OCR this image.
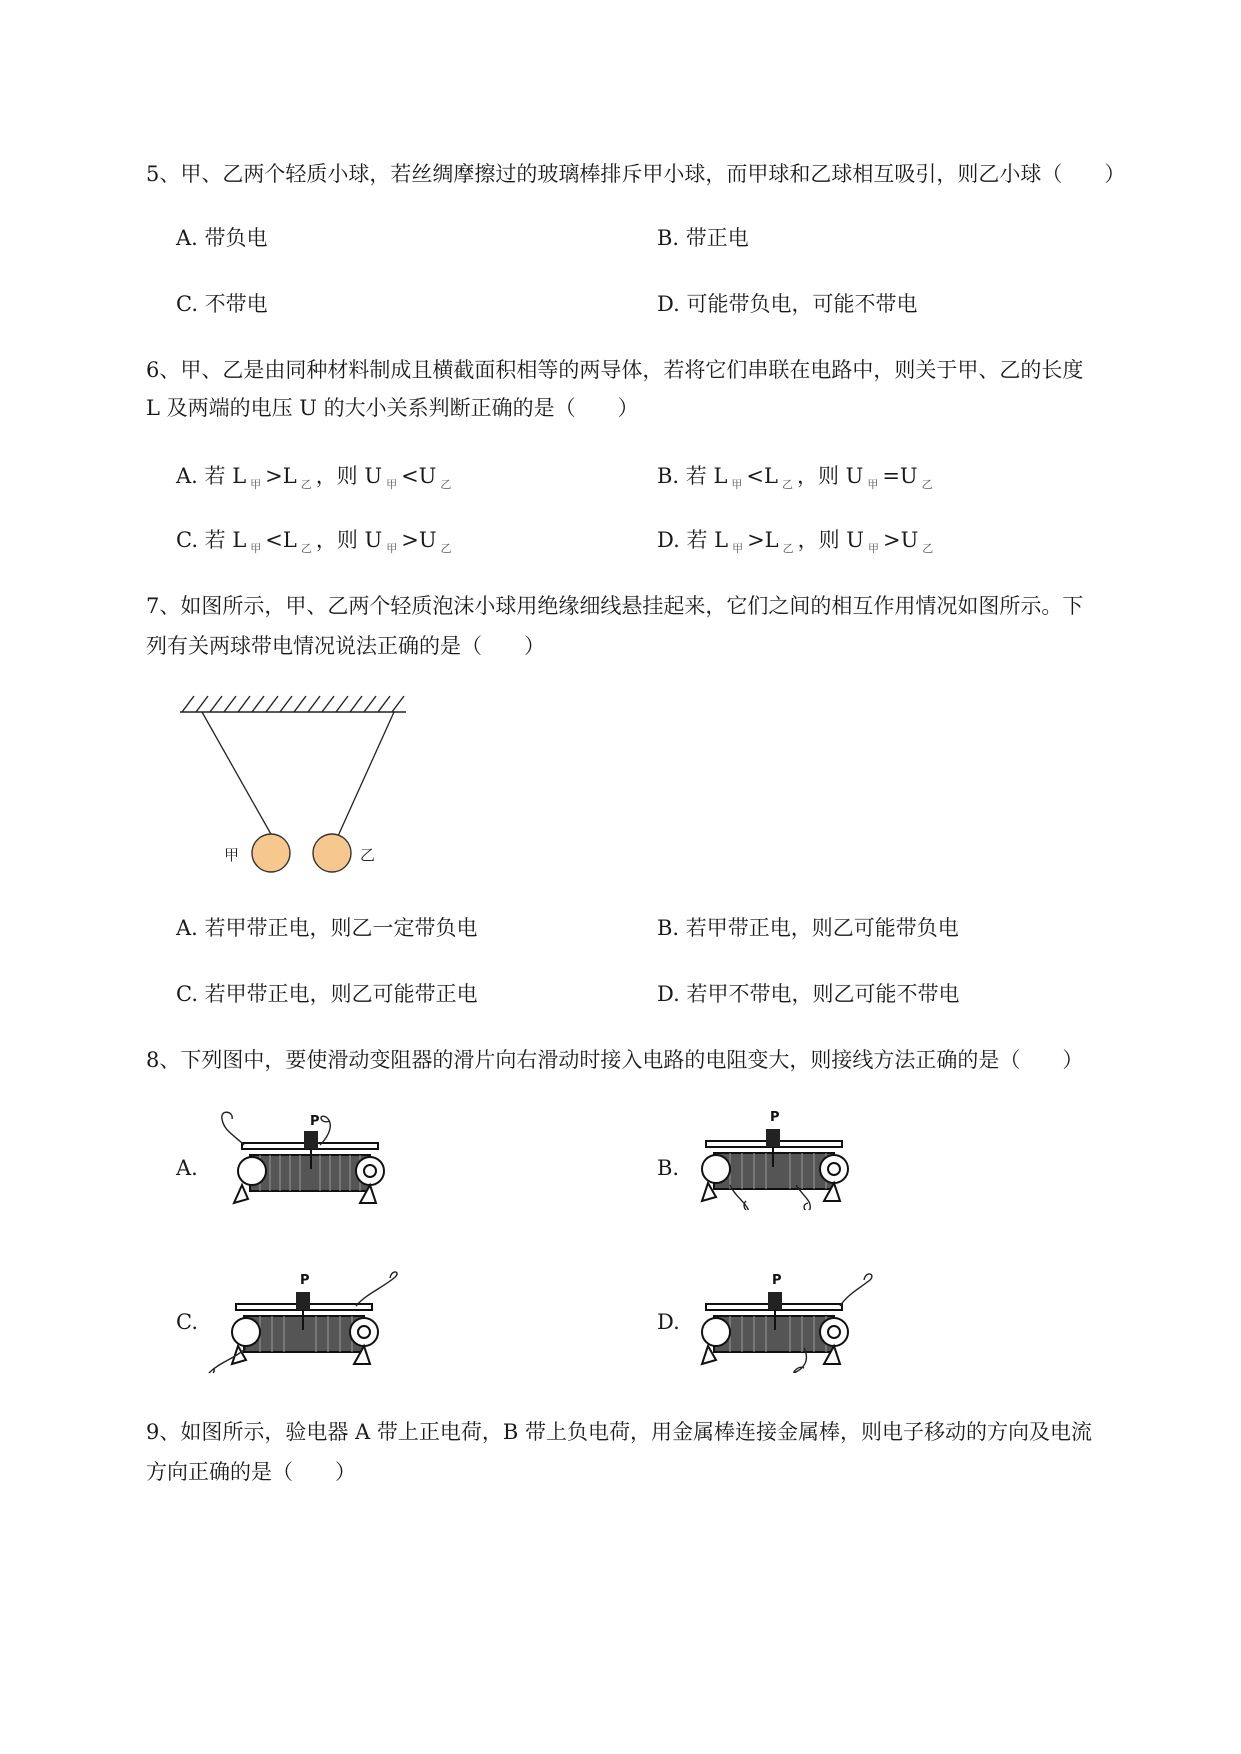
5、甲、乙两个轻质小球，若丝绸摩擦过的玻璃棒排斥甲小球，而甲球和乙球相互吸引，则乙小球（　　）
A. 带负电	B. 带正电
C. 不带电	D. 可能带负电，可能不带电
6、甲、乙是由同种材料制成且横截面积相等的两导体，若将它们串联在电路中，则关于甲、乙的长度
L 及两端的电压 U 的大小关系判断正确的是（　　）
A. 若 L $_甲$ >L $_乙$ ，则 U $_甲$ <U $_乙$	B. 若 L $_甲$ <L $_乙$ ，则 U $_甲$ =U $_乙$
C. 若 L $_甲$ <L $_乙$ ，则 U $_甲$ >U $_乙$	D. 若 L $_甲$ >L $_乙$ ，则 U $_甲$ >U $_乙$
7、如图所示，甲、乙两个轻质泡沫小球用绝缘细线悬挂起来，它们之间的相互作用情况如图所示。下
列有关两球带电情况说法正确的是（　　）
甲	乙
A. 若甲带正电，则乙一定带负电	B. 若甲带正电，则乙可能带负电
C. 若甲带正电，则乙可能带正电	D. 若甲不带电，则乙可能不带电
8、下列图中，要使滑动变阻器的滑片向右滑动时接入电路的电阻变大，则接线方法正确的是（　　）
A.	B.
C.	D.
P	P
P	P
9、如图所示，验电器 A 带上正电荷，B 带上负电荷，用金属棒连接金属棒，则电子移动的方向及电流
方向正确的是（　　）
